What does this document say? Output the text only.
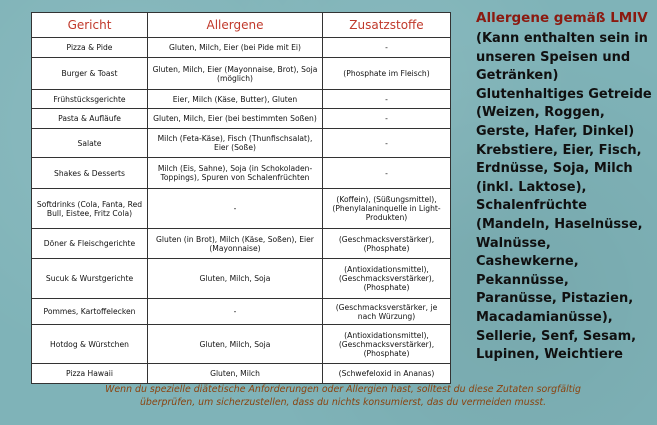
Gericht	Allergene	Zusatzstoffe
Pizza & Pide	Gluten, Milch, Eier (bei Pide mit Ei)	-
Burger & Toast	Gluten, Milch, Eier (Mayonnaise, Brot), Soja (möglich)	(Phosphate im Fleisch)
Frühstücksgerichte	Eier, Milch (Käse, Butter), Gluten	-
Pasta & Aufläufe	Gluten, Milch, Eier (bei bestimmten Soßen)	-
Salate	Milch (Feta-Käse), Fisch (Thunfischsalat), Eier (Soße)	-
Shakes & Desserts	Milch (Eis, Sahne), Soja (in Schokoladen-Toppings), Spuren von Schalenfrüchten	-
Softdrinks (Cola, Fanta, Red Bull, Eistee, Fritz Cola)	-	(Koffein), (Süßungsmittel), (Phenylalaninquelle in Light-Produkten)
Döner & Fleischgerichte	Gluten (in Brot), Milch (Käse, Soßen), Eier (Mayonnaise)	(Geschmacksverstärker), (Phosphate)
Sucuk & Wurstgerichte	Gluten, Milch, Soja	(Antioxidationsmittel), (Geschmacksverstärker), (Phosphate)
Pommes, Kartoffelecken	-	(Geschmacksverstärker, je nach Würzung)
Hotdog & Würstchen	Gluten, Milch, Soja	(Antioxidationsmittel), (Geschmacksverstärker), (Phosphate)
Pizza Hawaii	Gluten, Milch	(Schwefeloxid in Ananas)

Allergene gemäß LMIV

(Kann enthalten sein in unseren Speisen und Getränken) Glutenhaltiges Getreide (Weizen, Roggen, Gerste, Hafer, Dinkel) Krebstiere, Eier, Fisch, Erdnüsse, Soja, Milch (inkl. Laktose), Schalenfrüchte (Mandeln, Haselnüsse, Walnüsse, Cashewkerne, Pekannüsse, Paranüsse, Pistazien, Macadamianüsse), Sellerie, Senf, Sesam, Lupinen, Weichtiere

Wenn du spezielle diätetische Anforderungen oder Allergien hast, solltest du diese Zutaten sorgfältig überprüfen, um sicherzustellen, dass du nichts konsumierst, das du vermeiden musst.
